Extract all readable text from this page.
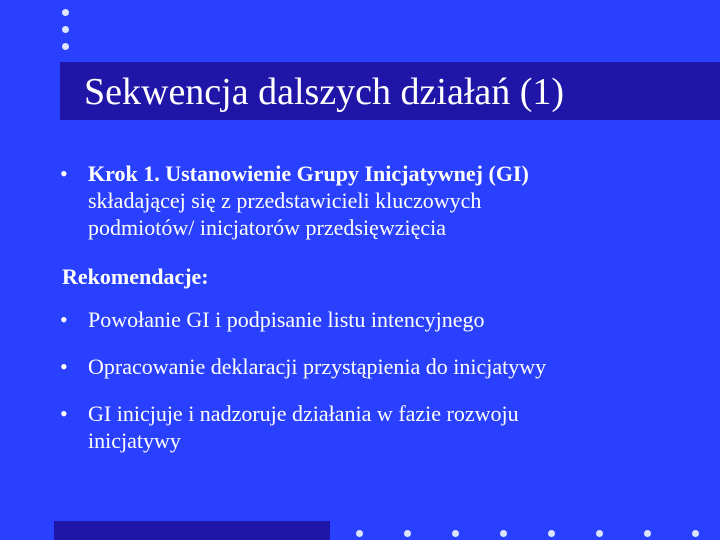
Sekwencja dalszych działań (1)
• Krok 1. Ustanowienie Grupy Inicjatywnej (GI)
składającej się z przedstawicieli kluczowych
podmiotów/ inicjatorów przedsięwzięcia
Rekomendacje:
• Powołanie GI i podpisanie listu intencyjnego
• Opracowanie deklaracji przystąpienia do inicjatywy
• GI inicjuje i nadzoruje działania w fazie rozwoju
inicjatywy
